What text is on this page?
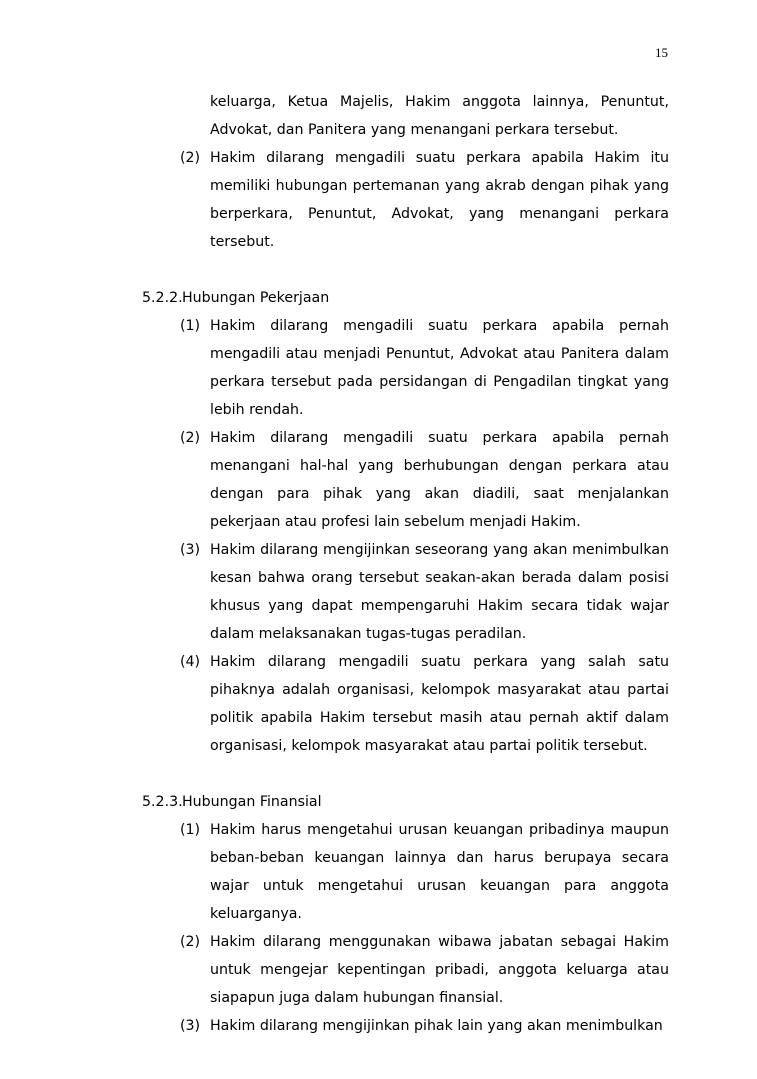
15
keluarga, Ketua Majelis, Hakim anggota lainnya, Penuntut, Advokat, dan Panitera yang menangani perkara tersebut.
(2) Hakim dilarang mengadili suatu perkara apabila Hakim itu memiliki hubungan pertemanan yang akrab dengan pihak yang berperkara, Penuntut, Advokat, yang menangani perkara tersebut.
5.2.2. Hubungan Pekerjaan
(1) Hakim dilarang mengadili suatu perkara apabila pernah mengadili atau menjadi Penuntut, Advokat atau Panitera dalam perkara tersebut pada persidangan di Pengadilan tingkat yang lebih rendah.
(2) Hakim dilarang mengadili suatu perkara apabila pernah menangani hal-hal yang berhubungan dengan perkara atau dengan para pihak yang akan diadili, saat menjalankan pekerjaan atau profesi lain sebelum menjadi Hakim.
(3) Hakim dilarang mengijinkan seseorang yang akan menimbulkan kesan bahwa orang tersebut seakan-akan berada dalam posisi khusus yang dapat mempengaruhi Hakim secara tidak wajar dalam melaksanakan tugas-tugas peradilan.
(4) Hakim dilarang mengadili suatu perkara yang salah satu pihaknya adalah organisasi, kelompok masyarakat atau partai politik apabila Hakim tersebut masih atau pernah aktif dalam organisasi, kelompok masyarakat atau partai politik tersebut.
5.2.3. Hubungan Finansial
(1) Hakim harus mengetahui urusan keuangan pribadinya maupun beban-beban keuangan lainnya dan harus berupaya secara wajar untuk mengetahui urusan keuangan para anggota keluarganya.
(2) Hakim dilarang menggunakan wibawa jabatan sebagai Hakim untuk mengejar kepentingan pribadi, anggota keluarga atau siapapun juga dalam hubungan finansial.
(3) Hakim dilarang mengijinkan pihak lain yang akan menimbulkan
